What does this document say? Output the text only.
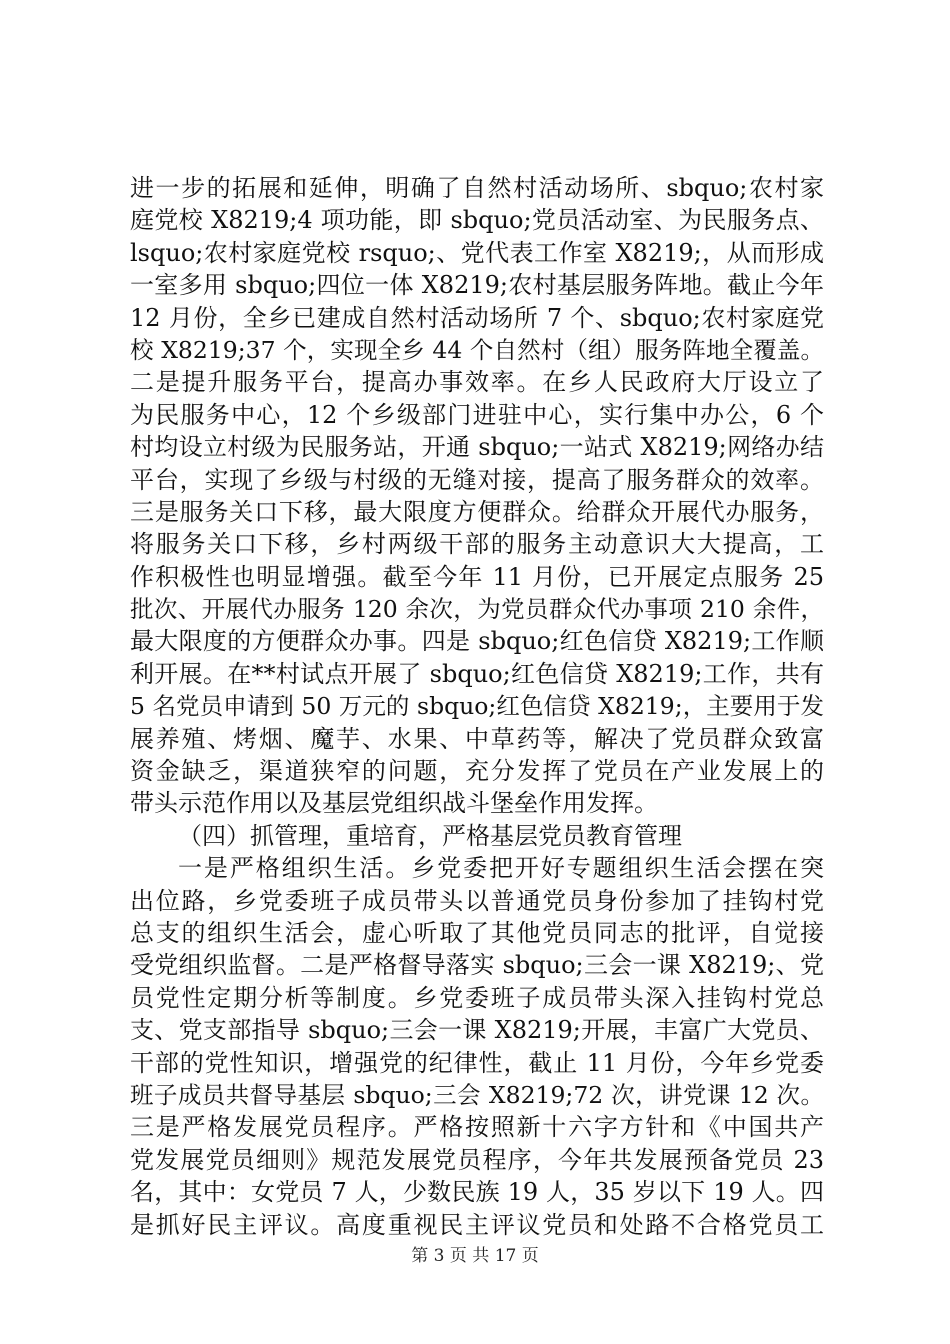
进一步的拓展和延伸，明确了自然村活动场所、sbquo;农村家
庭党校 X8219;4 项功能，即 sbquo;党员活动室、为民服务点、
lsquo;农村家庭党校 rsquo;、党代表工作室 X8219;，从而形成
一室多用 sbquo;四位一体 X8219;农村基层服务阵地。截止今年
12 月份，全乡已建成自然村活动场所 7 个、sbquo;农村家庭党
校 X8219;37 个，实现全乡 44 个自然村（组）服务阵地全覆盖。
二是提升服务平台，提高办事效率。在乡人民政府大厅设立了
为民服务中心，12 个乡级部门进驻中心，实行集中办公，6 个
村均设立村级为民服务站，开通 sbquo;一站式 X8219;网络办结
平台，实现了乡级与村级的无缝对接，提高了服务群众的效率。
三是服务关口下移，最大限度方便群众。给群众开展代办服务，
将服务关口下移，乡村两级干部的服务主动意识大大提高，工
作积极性也明显增强。截至今年 11 月份，已开展定点服务 25
批次、开展代办服务 120 余次，为党员群众代办事项 210 余件，
最大限度的方便群众办事。四是 sbquo;红色信贷 X8219;工作顺
利开展。在**村试点开展了 sbquo;红色信贷 X8219;工作，共有
5 名党员申请到 50 万元的 sbquo;红色信贷 X8219;，主要用于发
展养殖、烤烟、魔芋、水果、中草药等，解决了党员群众致富
资金缺乏，渠道狭窄的问题，充分发挥了党员在产业发展上的
带头示范作用以及基层党组织战斗堡垒作用发挥。
（四）抓管理，重培育，严格基层党员教育管理
一是严格组织生活。乡党委把开好专题组织生活会摆在突
出位路，乡党委班子成员带头以普通党员身份参加了挂钩村党
总支的组织生活会，虚心听取了其他党员同志的批评，自觉接
受党组织监督。二是严格督导落实 sbquo;三会一课 X8219;、党
员党性定期分析等制度。乡党委班子成员带头深入挂钩村党总
支、党支部指导 sbquo;三会一课 X8219;开展，丰富广大党员、
干部的党性知识，增强党的纪律性，截止 11 月份，今年乡党委
班子成员共督导基层 sbquo;三会 X8219;72 次，讲党课 12 次。
三是严格发展党员程序。严格按照新十六字方针和《中国共产
党发展党员细则》规范发展党员程序，今年共发展预备党员 23
名，其中：女党员 7 人，少数民族 19 人，35 岁以下 19 人。四
是抓好民主评议。高度重视民主评议党员和处路不合格党员工
第 3 页 共 17 页
